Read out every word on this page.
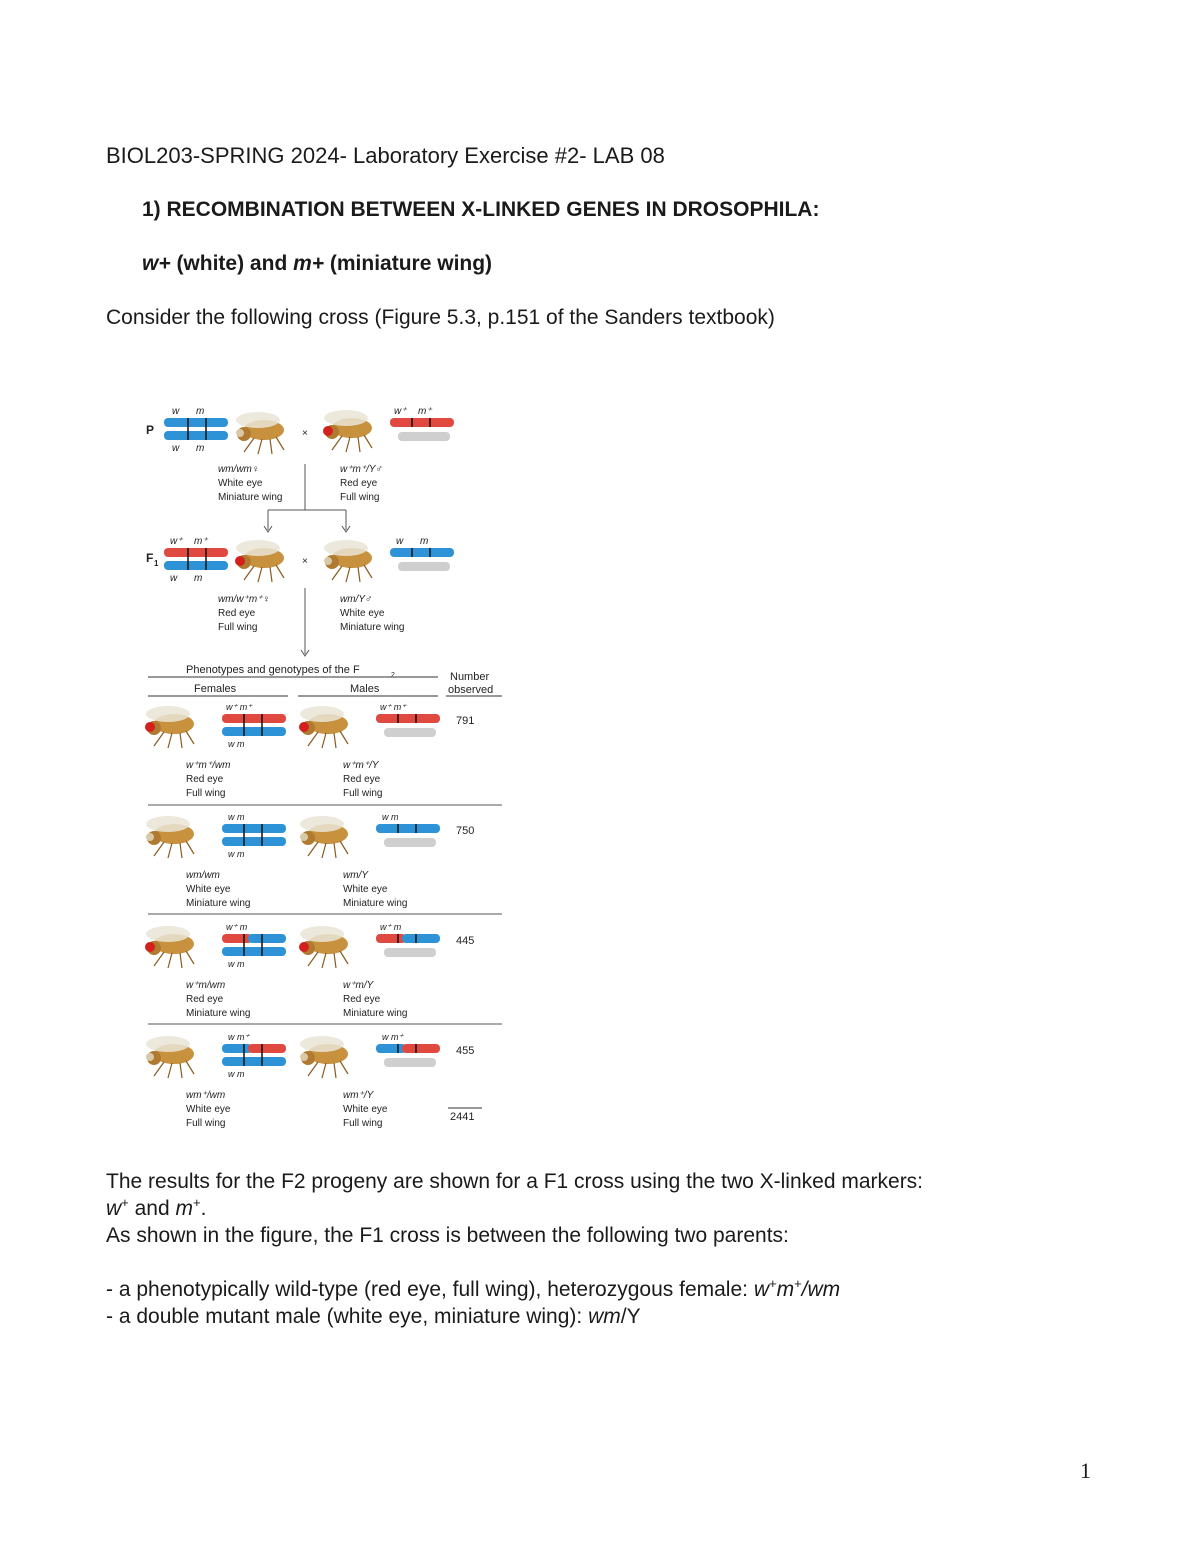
BIOL203-SPRING 2024- Laboratory Exercise #2- LAB 08
1) RECOMBINATION BETWEEN X-LINKED GENES IN DROSOPHILA:
w+ (white) and m+ (miniature wing)
Consider the following cross (Figure 5.3, p.151 of the Sanders textbook)
P
w m
w m
×
w⁺ m⁺
wm/wm♀
White eye
Miniature wing
w⁺m⁺/Y♂
Red eye
Full wing
F 1
w⁺ m⁺
w m
×
w m
wm/w⁺m⁺♀
Red eye
Full wing
wm/Y♂
White eye
Miniature wing
Phenotypes and genotypes of the F	2
Females	Males
Number
observed
w⁺ m⁺
w m
w⁺ m⁺
791
w⁺m⁺/wm
Red eye
Full wing
w⁺m⁺/Y
Red eye
Full wing
w m
w m
w m
750
wm/wm
White eye
Miniature wing
wm/Y
White eye
Miniature wing
w⁺ m
w m
w⁺ m
445
w⁺m/wm
Red eye
Miniature wing
w⁺m/Y
Red eye
Miniature wing
w m⁺
w m
w m⁺
455
wm⁺/wm
White eye
Full wing
wm⁺/Y
White eye
Full wing
2441
The results for the F2 progeny are shown for a F1 cross using the two X-linked markers:
w+ and m+.
As shown in the figure, the F1 cross is between the following two parents:
- a phenotypically wild-type (red eye, full wing), heterozygous female: w+m+/wm
- a double mutant male (white eye, miniature wing): wm/Y
1
